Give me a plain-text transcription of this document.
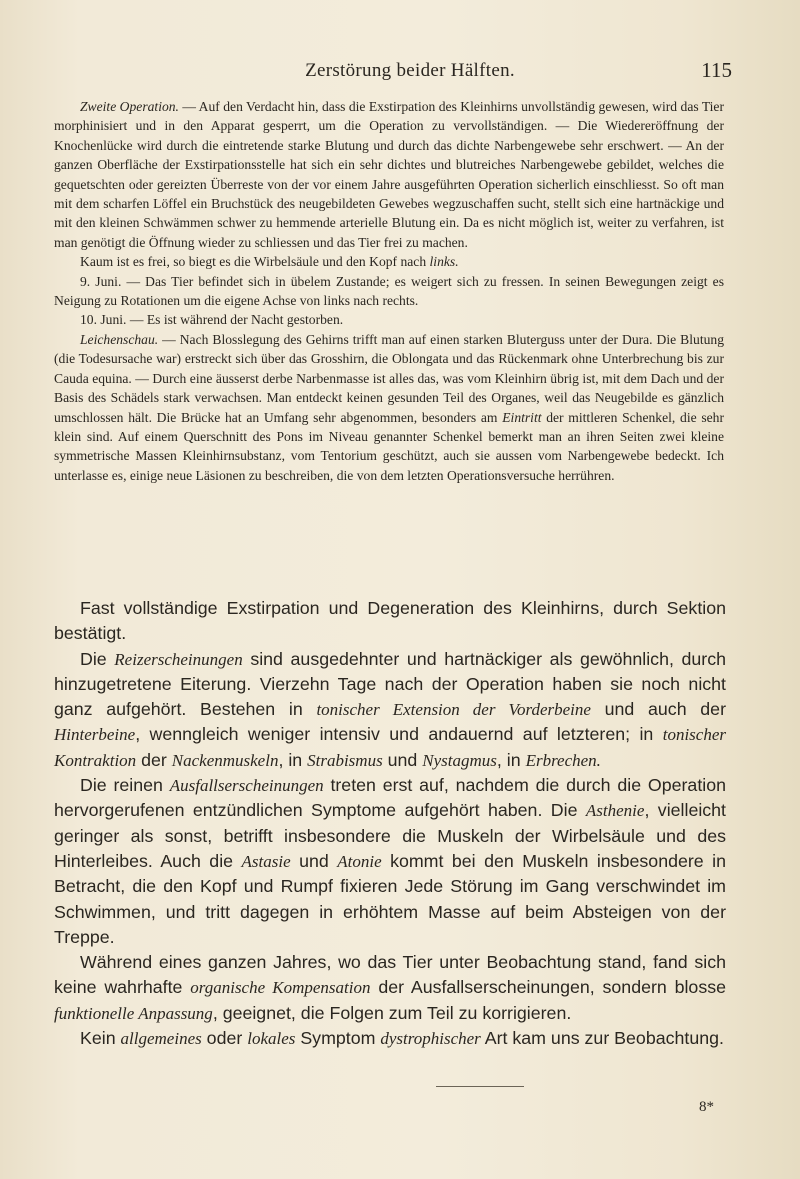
Zerstörung beider Hälften.	115

Zweite Operation. — Auf den Verdacht hin, dass die Exstirpation des Kleinhirns unvollständig gewesen, wird das Tier morphinisiert und in den Apparat gesperrt, um die Operation zu vervollständigen. — Die Wiedereröffnung der Knochenlücke wird durch die eintretende starke Blutung und durch das dichte Narbengewebe sehr erschwert. — An der ganzen Oberfläche der Exstirpationsstelle hat sich ein sehr dichtes und blutreiches Narbengewebe gebildet, welches die gequetschten oder gereizten Überreste von der vor einem Jahre ausgeführten Operation sicherlich einschliesst. So oft man mit dem scharfen Löffel ein Bruchstück des neugebildeten Gewebes wegzuschaffen sucht, stellt sich eine hartnäckige und mit den kleinen Schwämmen schwer zu hemmende arterielle Blutung ein. Da es nicht möglich ist, weiter zu verfahren, ist man genötigt die Öffnung wieder zu schliessen und das Tier frei zu machen.

Kaum ist es frei, so biegt es die Wirbelsäule und den Kopf nach links.

9. Juni. — Das Tier befindet sich in übelem Zustande; es weigert sich zu fressen. In seinen Bewegungen zeigt es Neigung zu Rotationen um die eigene Achse von links nach rechts.

10. Juni. — Es ist während der Nacht gestorben.

Leichenschau. — Nach Blosslegung des Gehirns trifft man auf einen starken Bluterguss unter der Dura. Die Blutung (die Todesursache war) erstreckt sich über das Grosshirn, die Oblongata und das Rückenmark ohne Unterbrechung bis zur Cauda equina. — Durch eine äusserst derbe Narbenmasse ist alles das, was vom Kleinhirn übrig ist, mit dem Dach und der Basis des Schädels stark verwachsen. Man entdeckt keinen gesunden Teil des Organes, weil das Neugebilde es gänzlich umschlossen hält. Die Brücke hat an Umfang sehr abgenommen, besonders am Eintritt der mittleren Schenkel, die sehr klein sind. Auf einem Querschnitt des Pons im Niveau genannter Schenkel bemerkt man an ihren Seiten zwei kleine symmetrische Massen Kleinhirnsubstanz, vom Tentorium geschützt, auch sie aussen vom Narbengewebe bedeckt. Ich unterlasse es, einige neue Läsionen zu beschreiben, die von dem letzten Operationsversuche herrühren.

Fast vollständige Exstirpation und Degeneration des Kleinhirns, durch Sektion bestätigt.

Die Reizerscheinungen sind ausgedehnter und hartnäckiger als gewöhnlich, durch hinzugetretene Eiterung. Vierzehn Tage nach der Operation haben sie noch nicht ganz aufgehört. Bestehen in tonischer Extension der Vorderbeine und auch der Hinterbeine, wenngleich weniger intensiv und andauernd auf letzteren; in tonischer Kontraktion der Nackenmuskeln, in Strabismus und Nystagmus, in Erbrechen.

Die reinen Ausfallserscheinungen treten erst auf, nachdem die durch die Operation hervorgerufenen entzündlichen Symptome aufgehört haben. Die Asthenie, vielleicht geringer als sonst, betrifft insbesondere die Muskeln der Wirbelsäule und des Hinterleibes. Auch die Astasie und Atonie kommt bei den Muskeln insbesondere in Betracht, die den Kopf und Rumpf fixieren Jede Störung im Gang verschwindet im Schwimmen, und tritt dagegen in erhöhtem Masse auf beim Absteigen von der Treppe.

Während eines ganzen Jahres, wo das Tier unter Beobachtung stand, fand sich keine wahrhafte organische Kompensation der Ausfallserscheinungen, sondern blosse funktionelle Anpassung, geeignet, die Folgen zum Teil zu korrigieren.

Kein allgemeines oder lokales Symptom dystrophischer Art kam uns zur Beobachtung.

8*
